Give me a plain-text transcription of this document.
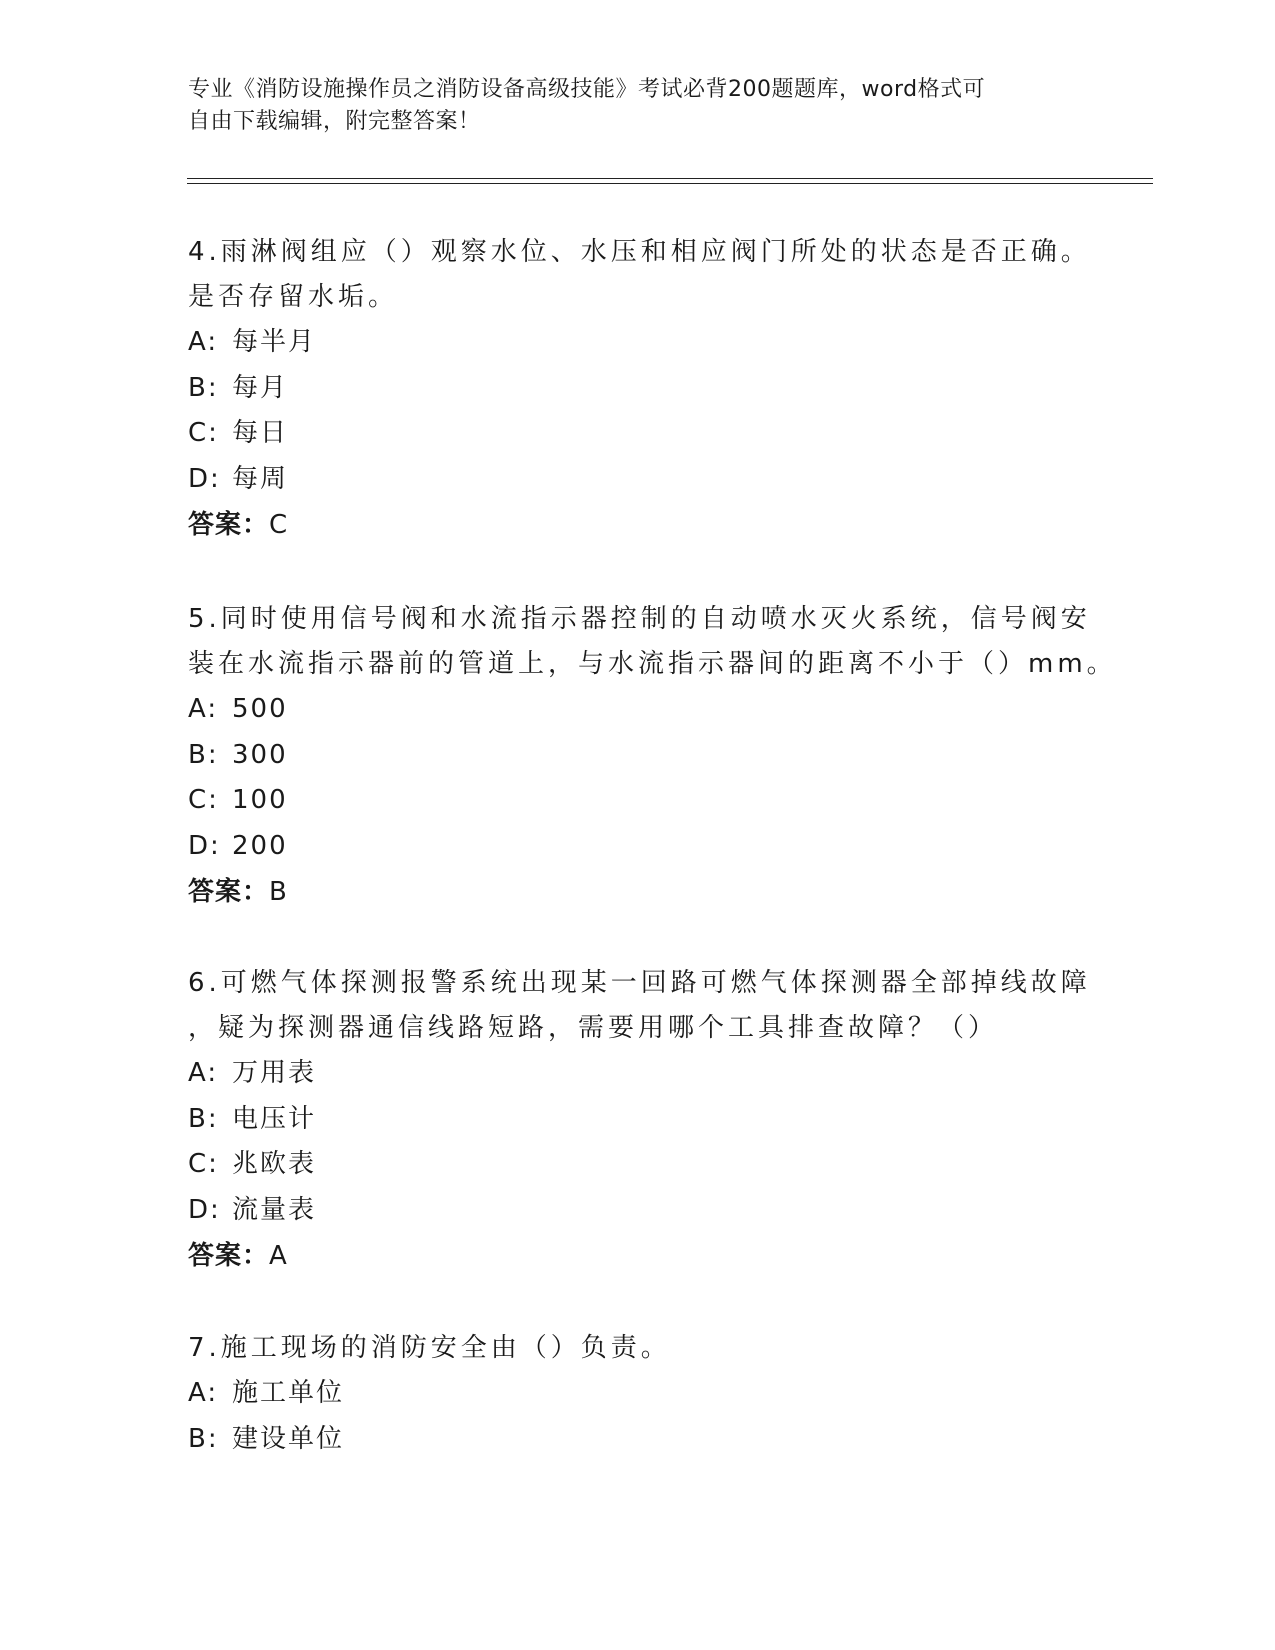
专业《消防设施操作员之消防设备高级技能》考试必背200题题库，word格式可
自由下载编辑，附完整答案！
4.雨淋阀组应（）观察水位、水压和相应阀门所处的状态是否正确。
是否存留水垢。
A: 每半月
B: 每月
C: 每日
D: 每周
答案：C
5.同时使用信号阀和水流指示器控制的自动喷水灭火系统，信号阀安
装在水流指示器前的管道上，与水流指示器间的距离不小于（）mm。
A: 500
B: 300
C: 100
D: 200
答案：B
6.可燃气体探测报警系统出现某一回路可燃气体探测器全部掉线故障
，疑为探测器通信线路短路，需要用哪个工具排查故障？（）
A: 万用表
B: 电压计
C: 兆欧表
D: 流量表
答案：A
7.施工现场的消防安全由（）负责。
A: 施工单位
B: 建设单位
